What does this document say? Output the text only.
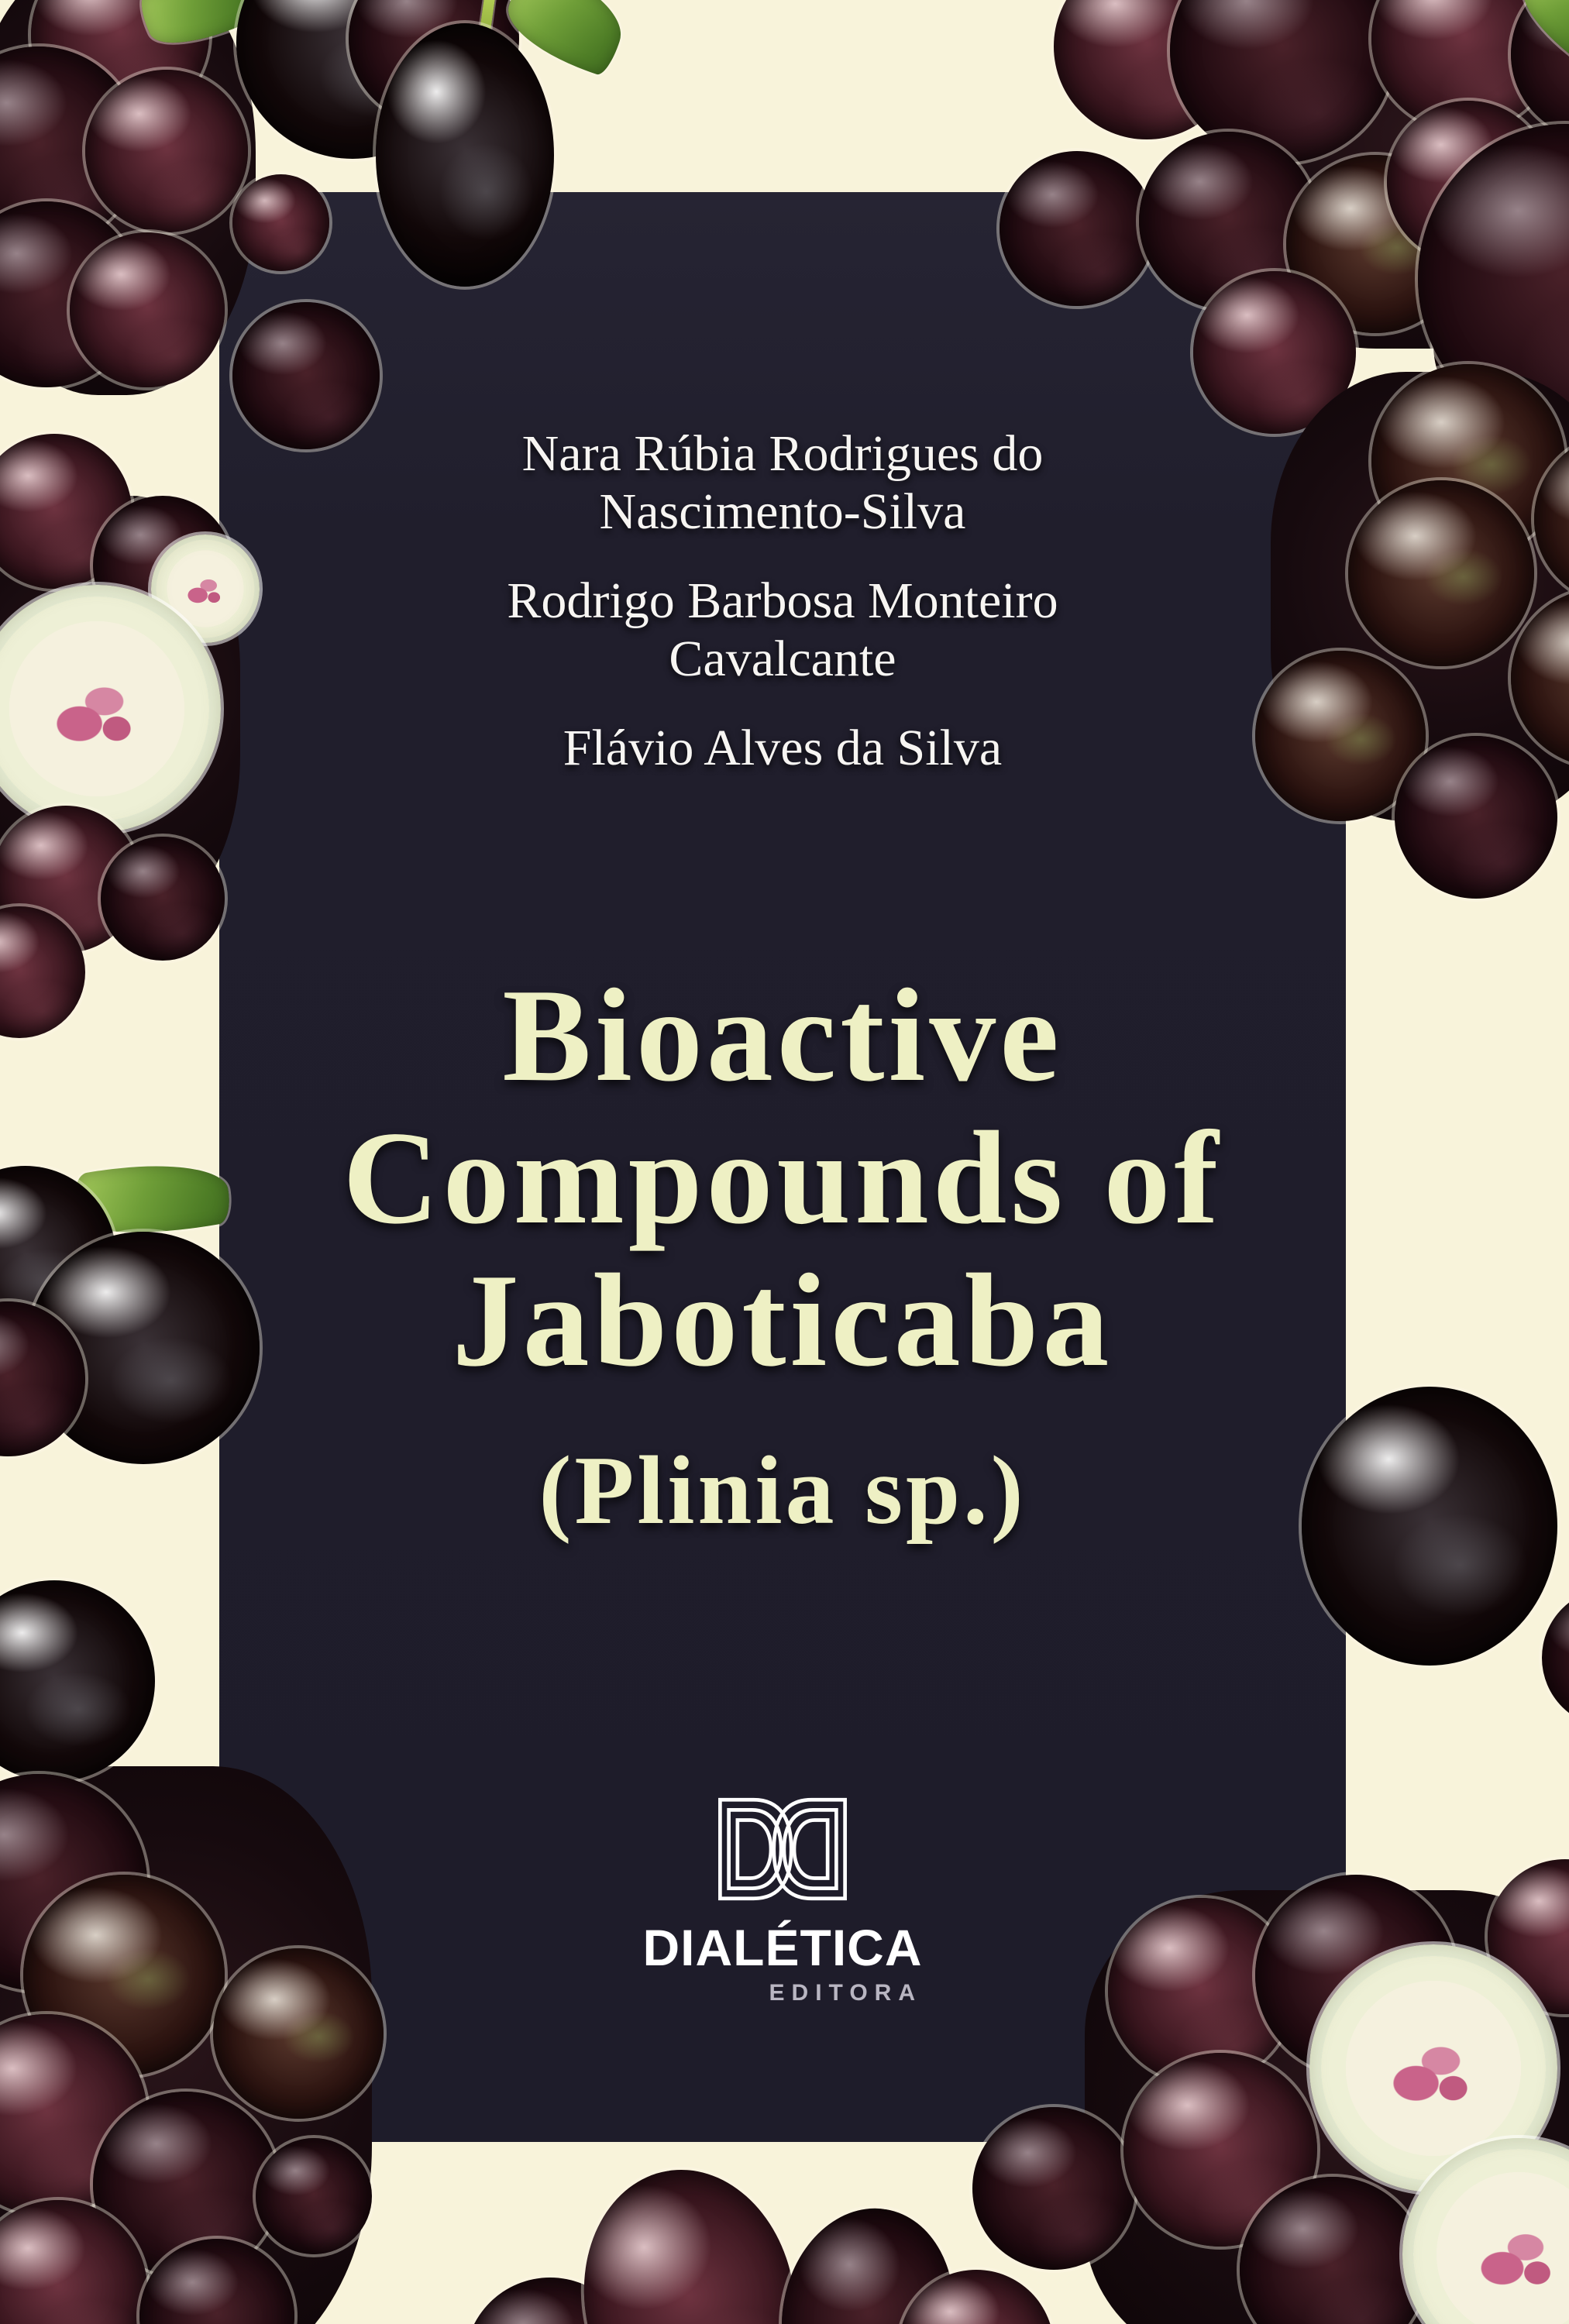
Nara Rúbia Rodrigues do Nascimento-Silva

Rodrigo Barbosa Monteiro Cavalcante

Flávio Alves da Silva

Bioactive
Compounds of
Jaboticaba
(Plinia sp.)
DIALÉTICA
EDITORA
